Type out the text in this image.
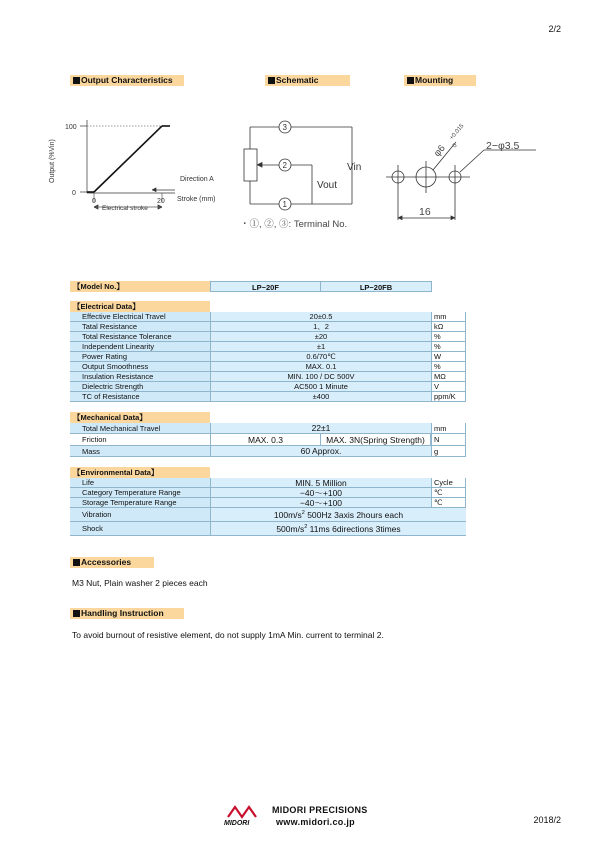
2/2
Output Characteristics	Schematic	Mounting
Output (%Vin)
100
0
0	20
Direction A
Stroke (mm)
Electrical stroke
3
2
1
Vin
Vout
・①, ②, ③: Terminal No.
2−φ3.5
φ6
+0.015
0
16
【Model No.】	LP−20F	LP−20FB
【Electrical Data】
Effective Electrical Travel	20±0.5	mm
Tatal Resistance	1、2	kΩ
Total Resistance Tolerance	±20	%
Independent Linearity	±1	%
Power Rating	0.6/70℃	W
Output Smoothness	MAX. 0.1	%
Insulation Resistance	MIN. 100 / DC 500V	MΩ
Dielectric Strength	AC500 1 Minute	V
TC of Resistance	±400	ppm/K
【Mechanical Data】
Total Mechanical Travel	22±1	mm
Friction	MAX. 0.3	MAX. 3N(Spring Strength)	N
Mass	60 Approx.	g
【Environmental Data】
Life	MIN. 5 Million	Cycle
Category Temperature Range	−40～+100	℃
Storage Temperature Range	−40～+100	℃
Vibration	$100m/s^2$ 500Hz 3axis 2hours each
Shock	$500m/s^2$ 11ms 6directions 3times
Accessories
M3 Nut, Plain washer 2 pieces each
Handling Instruction
To avoid burnout of resistive element, do not supply 1mA Min. current to terminal 2.
MIDORI
MIDORI PRECISIONS
www.midori.co.jp	2018/2
